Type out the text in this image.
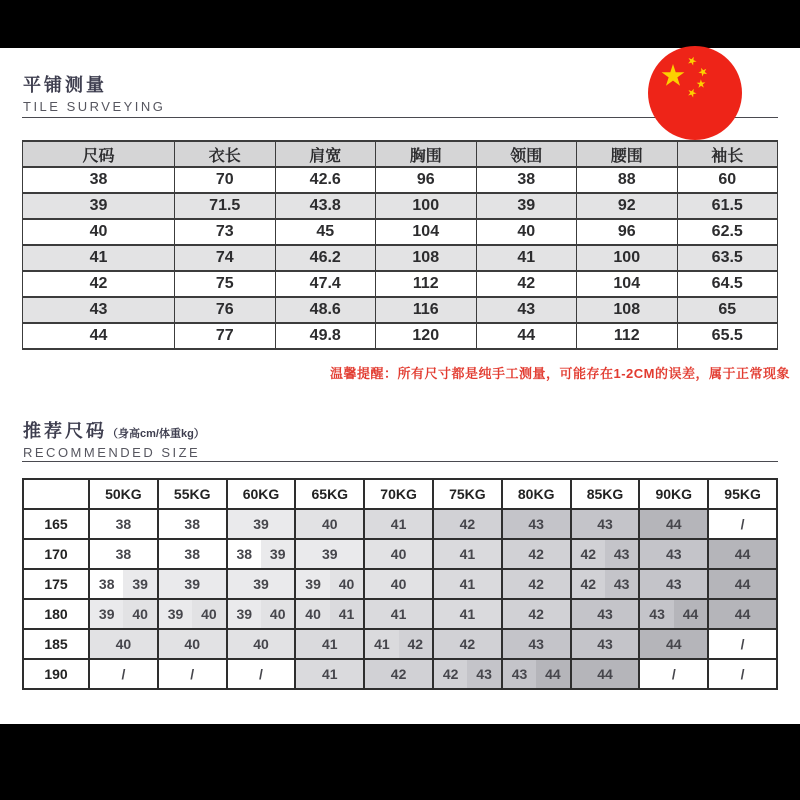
平铺测量
TILE SURVEYING
尺码	衣长	肩宽	胸围	领围	腰围	袖长
38	70	42.6	96	38	88	60
39	71.5	43.8	100	39	92	61.5
40	73	45	104	40	96	62.5
41	74	46.2	108	41	100	63.5
42	75	47.4	112	42	104	64.5
43	76	48.6	116	43	108	65
44	77	49.8	120	44	112	65.5
温馨提醒：所有尺寸都是纯手工测量，可能存在1-2CM的误差，属于正常现象
推荐尺码（身高cm/体重kg）
RECOMMENDED SIZE
	50KG	55KG	60KG	65KG	70KG	75KG	80KG	85KG	90KG	95KG
165	38	38	39	40	41	42	43	43	44	/
170	38	38	38 39	39	40	41	42	42 43	43	44
175	38 39	39	39	39 40	40	41	42	42 43	43	44
180	39 40	39 40	39 40	40 41	41	41	42	43	43 44	44
185	40	40	40	41	41 42	42	43	43	44	/
190	/	/	/	41	42	42 43	43 44	44	/	/
